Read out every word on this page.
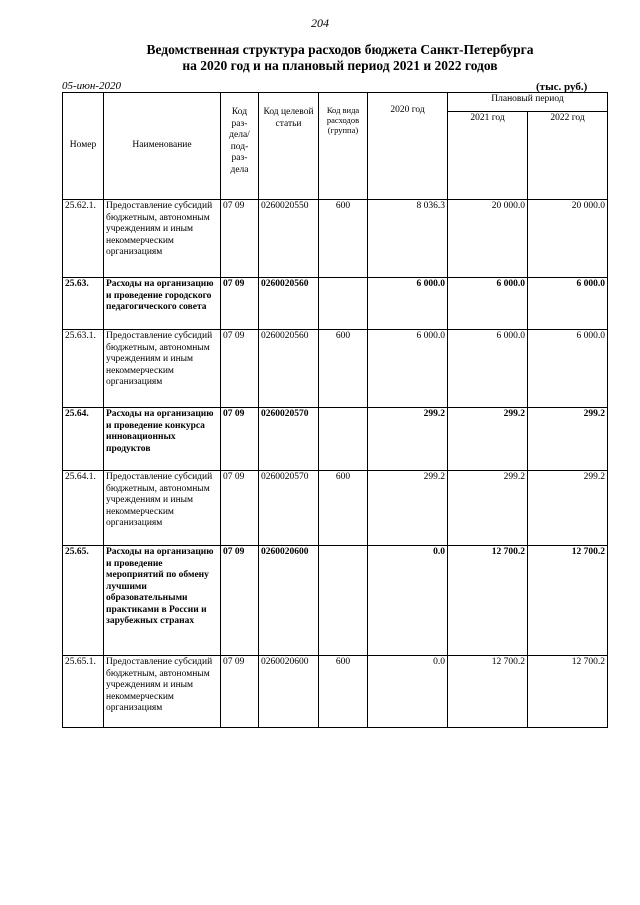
204
Ведомственная структура расходов бюджета Санкт-Петербурга
на 2020 год и на плановый период 2021 и 2022 годов
05-июн-2020	(тыс. руб.)
Номер	Наименование	Код раз- дела/ под- раз- дела	Код целевой статьи	Код вида расходов (группа)	2020 год	Плановый период	
						2021 год	2022 год
25.62.1.	Предоставление субсидий бюджетным, автономным учреждениям и иным некоммерческим организациям	07 09	0260020550	600	8 036.3	20 000.0	20 000.0
25.63.	Расходы на организацию и проведение городского педагогического совета	07 09	0260020560		6 000.0	6 000.0	6 000.0
25.63.1.	Предоставление субсидий бюджетным, автономным учреждениям и иным некоммерческим организациям	07 09	0260020560	600	6 000.0	6 000.0	6 000.0
25.64.	Расходы на организацию и проведение конкурса инновационных продуктов	07 09	0260020570		299.2	299.2	299.2
25.64.1.	Предоставление субсидий бюджетным, автономным учреждениям и иным некоммерческим организациям	07 09	0260020570	600	299.2	299.2	299.2
25.65.	Расходы на организацию и проведение мероприятий по обмену лучшими образовательными практиками в России и зарубежных странах	07 09	0260020600		0.0	12 700.2	12 700.2
25.65.1.	Предоставление субсидий бюджетным, автономным учреждениям и иным некоммерческим организациям	07 09	0260020600	600	0.0	12 700.2	12 700.2
